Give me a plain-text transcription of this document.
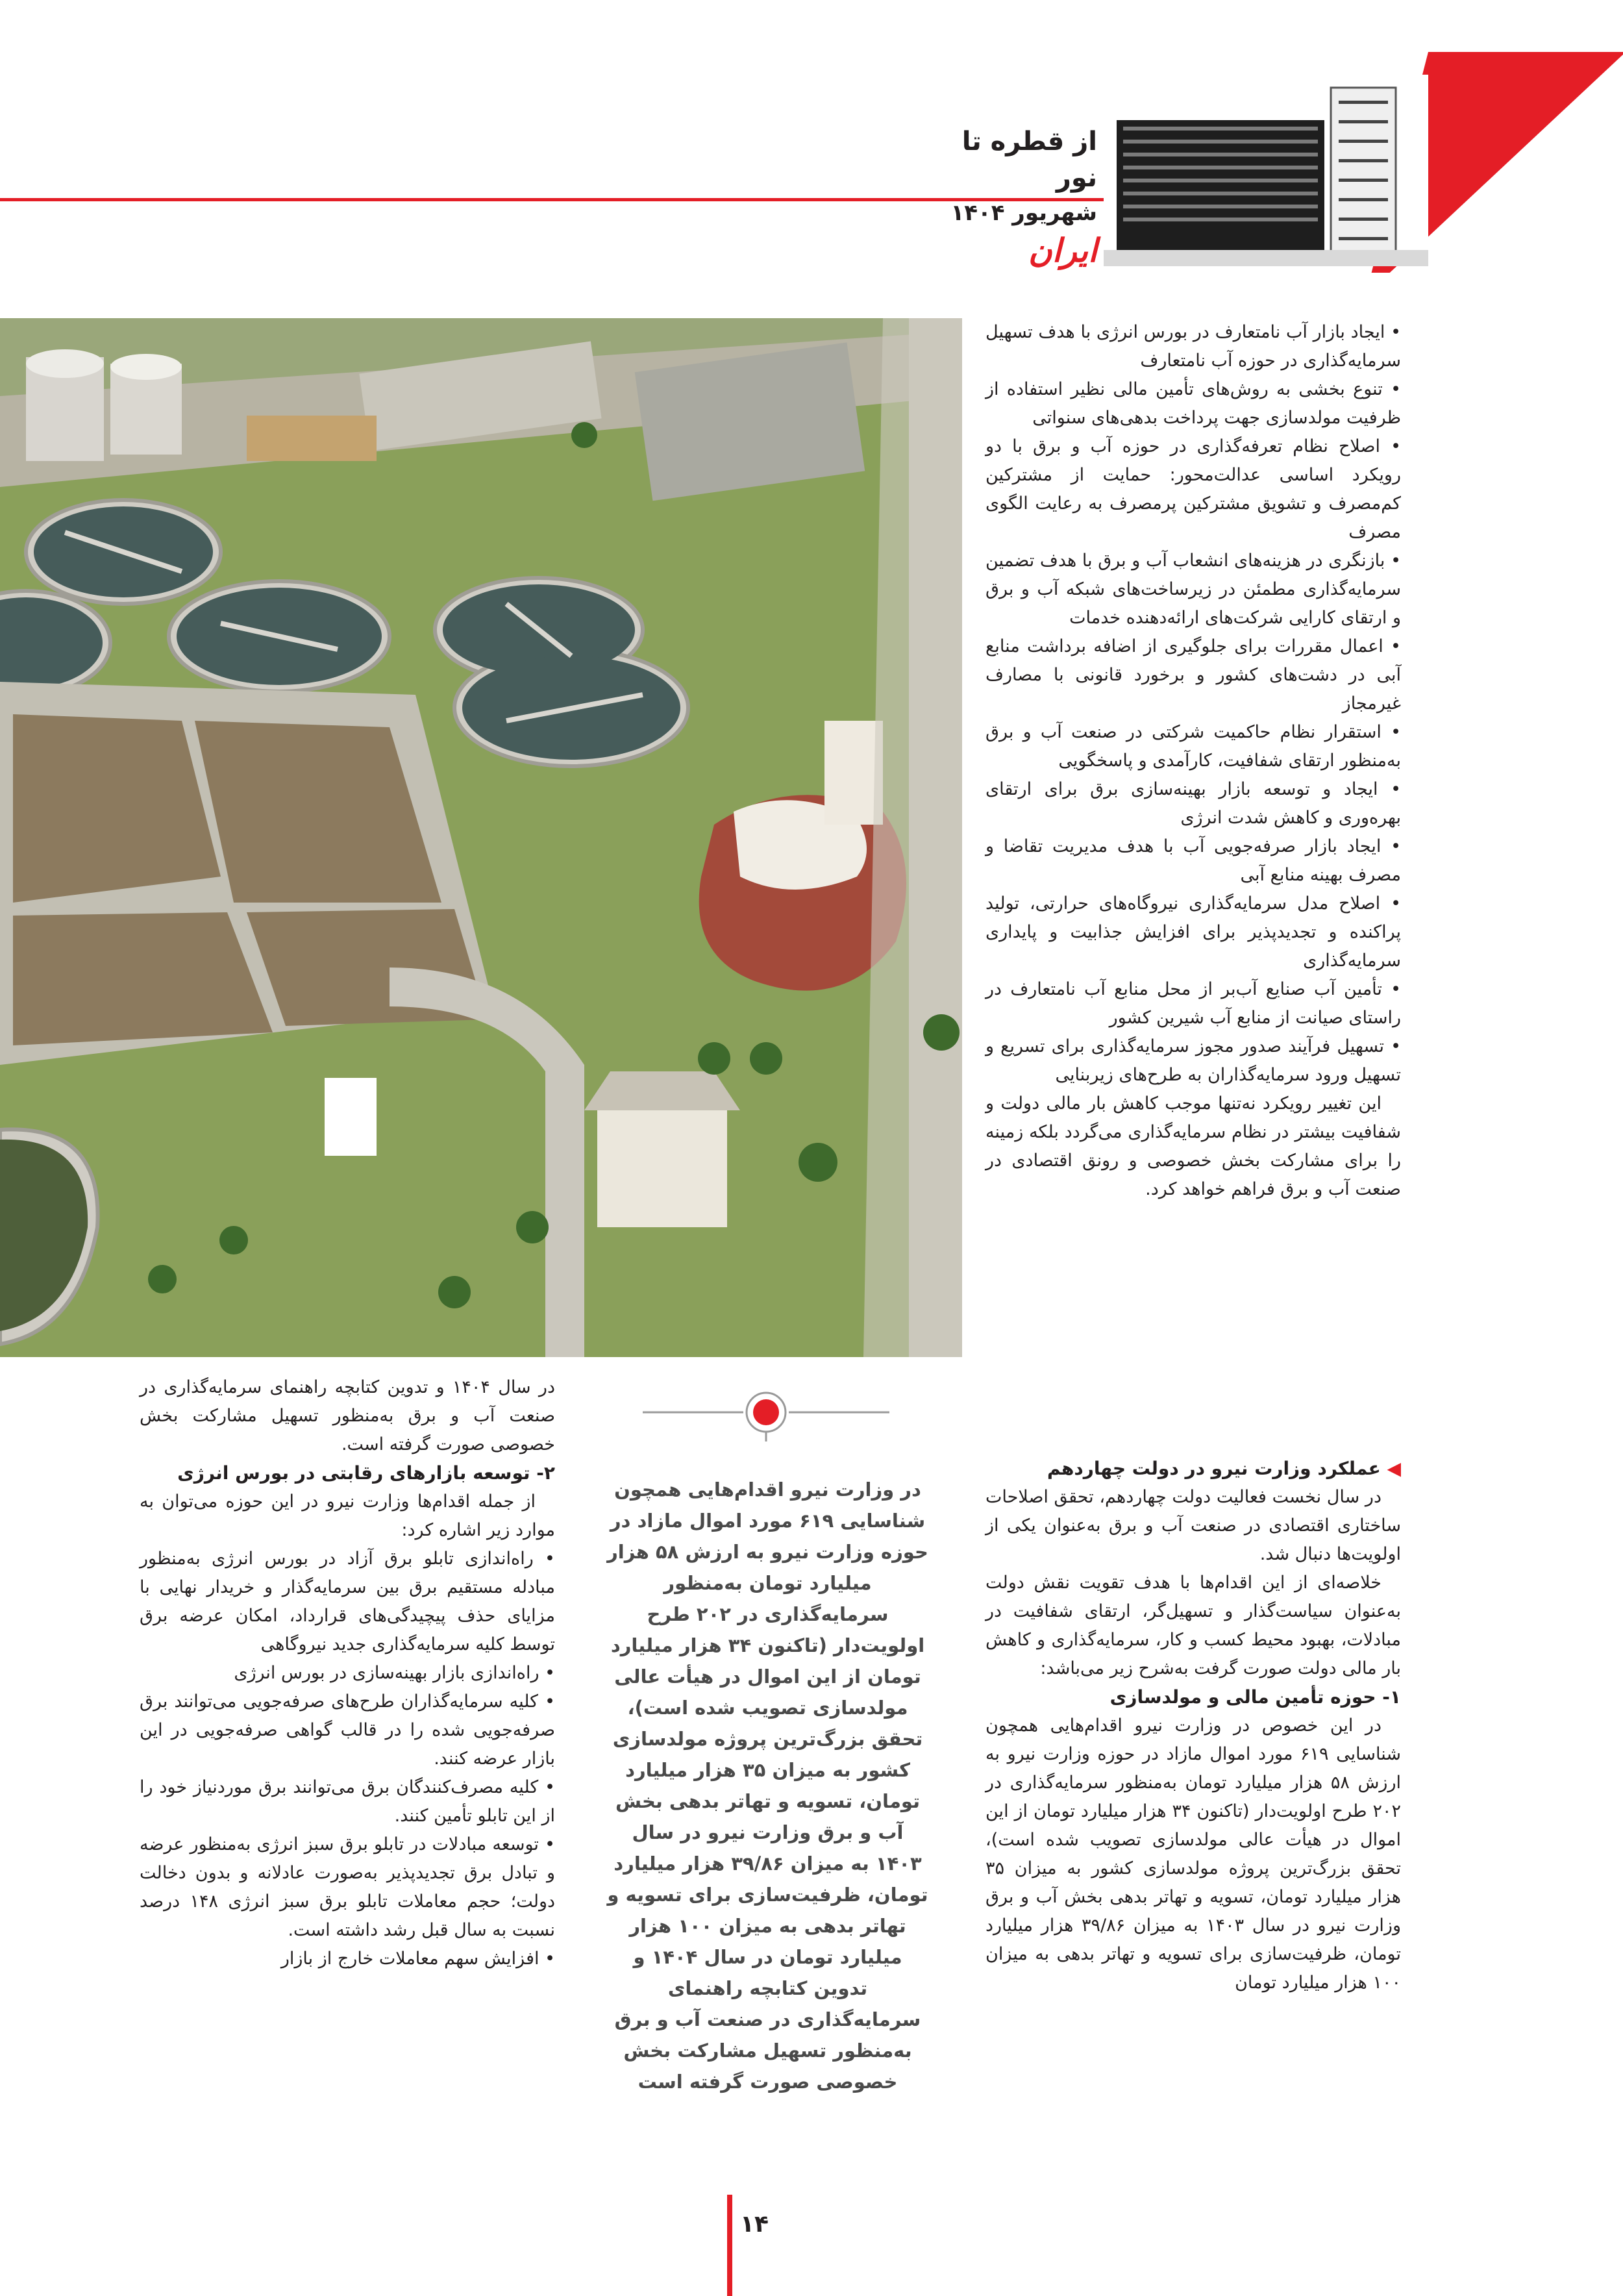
از قطره تا نور
شهریور ۱۴۰۴
ایران

• ایجاد بازار آب نامتعارف در بورس انرژی با هدف تسهیل سرمایه‌گذاری در حوزه آب نامتعارف

• تنوع بخشی به روش‌های تأمین مالی نظیر استفاده از ظرفیت مولدسازی جهت پرداخت بدهی‌های سنواتی

• اصلاح نظام تعرفه‌گذاری در حوزه آب و برق با دو رویکرد اساسی عدالت‌محور: حمایت از مشترکین کم‌مصرف و تشویق مشترکین پرمصرف به رعایت الگوی مصرف

• بازنگری در هزینه‌های انشعاب آب و برق با هدف تضمین سرمایه‌گذاری مطمئن در زیرساخت‌های شبکه آب و برق و ارتقای کارایی شرکت‌های ارائه‌دهنده خدمات

• اعمال مقررات برای جلوگیری از اضافه برداشت منابع آبی در دشت‌های کشور و برخورد قانونی با مصارف غیرمجاز

• استقرار نظام حاکمیت شرکتی در صنعت آب و برق به‌منظور ارتقای شفافیت، کارآمدی و پاسخگویی

• ایجاد و توسعه بازار بهینه‌سازی برق برای ارتقای بهره‌وری و کاهش شدت انرژی

• ایجاد بازار صرفه‌جویی آب با هدف مدیریت تقاضا و مصرف بهینه منابع آبی

• اصلاح مدل سرمایه‌گذاری نیروگاه‌های حرارتی، تولید پراکنده و تجدیدپذیر برای افزایش جذابیت و پایداری سرمایه‌گذاری

• تأمین آب صنایع آب‌بر از محل منابع آب نامتعارف در راستای صیانت از منابع آب شیرین کشور

• تسهیل فرآیند صدور مجوز سرمایه‌گذاری برای تسریع و تسهیل ورود سرمایه‌گذاران به طرح‌های زیربنایی

این تغییر رویکرد نه‌تنها موجب کاهش بار مالی دولت و شفافیت بیشتر در نظام سرمایه‌گذاری می‌گردد بلکه زمینه را برای مشارکت بخش خصوصی و رونق اقتصادی در صنعت آب و برق فراهم خواهد کرد.

◀ عملکرد وزارت نیرو در دولت چهاردهم

در سال نخست فعالیت دولت چهاردهم، تحقق اصلاحات ساختاری اقتصادی در صنعت آب و برق به‌عنوان یکی از اولویت‌ها دنبال شد.

خلاصه‌ای از این اقدام‌ها با هدف تقویت نقش دولت به‌عنوان سیاست‌گذار و تسهیل‌گر، ارتقای شفافیت در مبادلات، بهبود محیط کسب و کار، سرمایه‌گذاری و کاهش بار مالی دولت صورت گرفت به‌شرح زیر می‌باشد:

۱- حوزه تأمین مالی و مولدسازی

در این خصوص در وزارت نیرو اقدام‌هایی همچون شناسایی ۶۱۹ مورد اموال مازاد در حوزه وزارت نیرو به ارزش ۵۸ هزار میلیارد تومان به‌منظور سرمایه‌گذاری در ۲۰۲ طرح اولویت‌دار (تاکنون ۳۴ هزار میلیارد تومان از این اموال در هیأت عالی مولدسازی تصویب شده است)، تحقق بزرگ‌ترین پروژه مولدسازی کشور به میزان ۳۵ هزار میلیارد تومان، تسویه و تهاتر بدهی بخش آب و برق وزارت نیرو در سال ۱۴۰۳ به میزان ۳۹/۸۶ هزار میلیارد تومان، ظرفیت‌سازی برای تسویه و تهاتر بدهی به میزان ۱۰۰ هزار میلیارد تومان

در وزارت نیرو اقدام‌هایی همچون شناسایی ۶۱۹ مورد اموال مازاد در حوزه وزارت نیرو به ارزش ۵۸ هزار میلیارد تومان به‌منظور سرمایه‌گذاری در ۲۰۲ طرح اولویت‌دار (تاکنون ۳۴ هزار میلیارد تومان از این اموال در هیأت عالی مولدسازی تصویب شده است)، تحقق بزرگ‌ترین پروژه مولدسازی کشور به میزان ۳۵ هزار میلیارد تومان، تسویه و تهاتر بدهی بخش آب و برق وزارت نیرو در سال ۱۴۰۳ به میزان ۳۹/۸۶ هزار میلیارد تومان، ظرفیت‌سازی برای تسویه و تهاتر بدهی به میزان ۱۰۰ هزار میلیارد تومان در سال ۱۴۰۴ و تدوین کتابچه راهنمای سرمایه‌گذاری در صنعت آب و برق به‌منظور تسهیل مشارکت بخش خصوصی صورت گرفته است

در سال ۱۴۰۴ و تدوین کتابچه راهنمای سرمایه‌گذاری در صنعت آب و برق به‌منظور تسهیل مشارکت بخش خصوصی صورت گرفته است.

۲- توسعه بازارهای رقابتی در بورس انرژی

از جمله اقدام‌ها وزارت نیرو در این حوزه می‌توان به موارد زیر اشاره کرد:

• راه‌اندازی تابلو برق آزاد در بورس انرژی به‌منظور مبادله مستقیم برق بین سرمایه‌گذار و خریدار نهایی با مزایای حذف پیچیدگی‌های قرارداد، امکان عرضه برق توسط کلیه سرمایه‌گذاری جدید نیروگاهی

• راه‌اندازی بازار بهینه‌سازی در بورس انرژی

• کلیه سرمایه‌گذاران طرح‌های صرفه‌جویی می‌توانند برق صرفه‌جویی شده را در قالب گواهی صرفه‌جویی در این بازار عرضه کنند.

• کلیه مصرف‌کنندگان برق می‌توانند برق موردنیاز خود را از این تابلو تأمین کنند.

• توسعه مبادلات در تابلو برق سبز انرژی به‌منظور عرضه و تبادل برق تجدیدپذیر به‌صورت عادلانه و بدون دخالت دولت؛ حجم معاملات تابلو برق سبز انرژی ۱۴۸ درصد نسبت به سال قبل رشد داشته است.

• افزایش سهم معاملات خارج از بازار

۱۴
